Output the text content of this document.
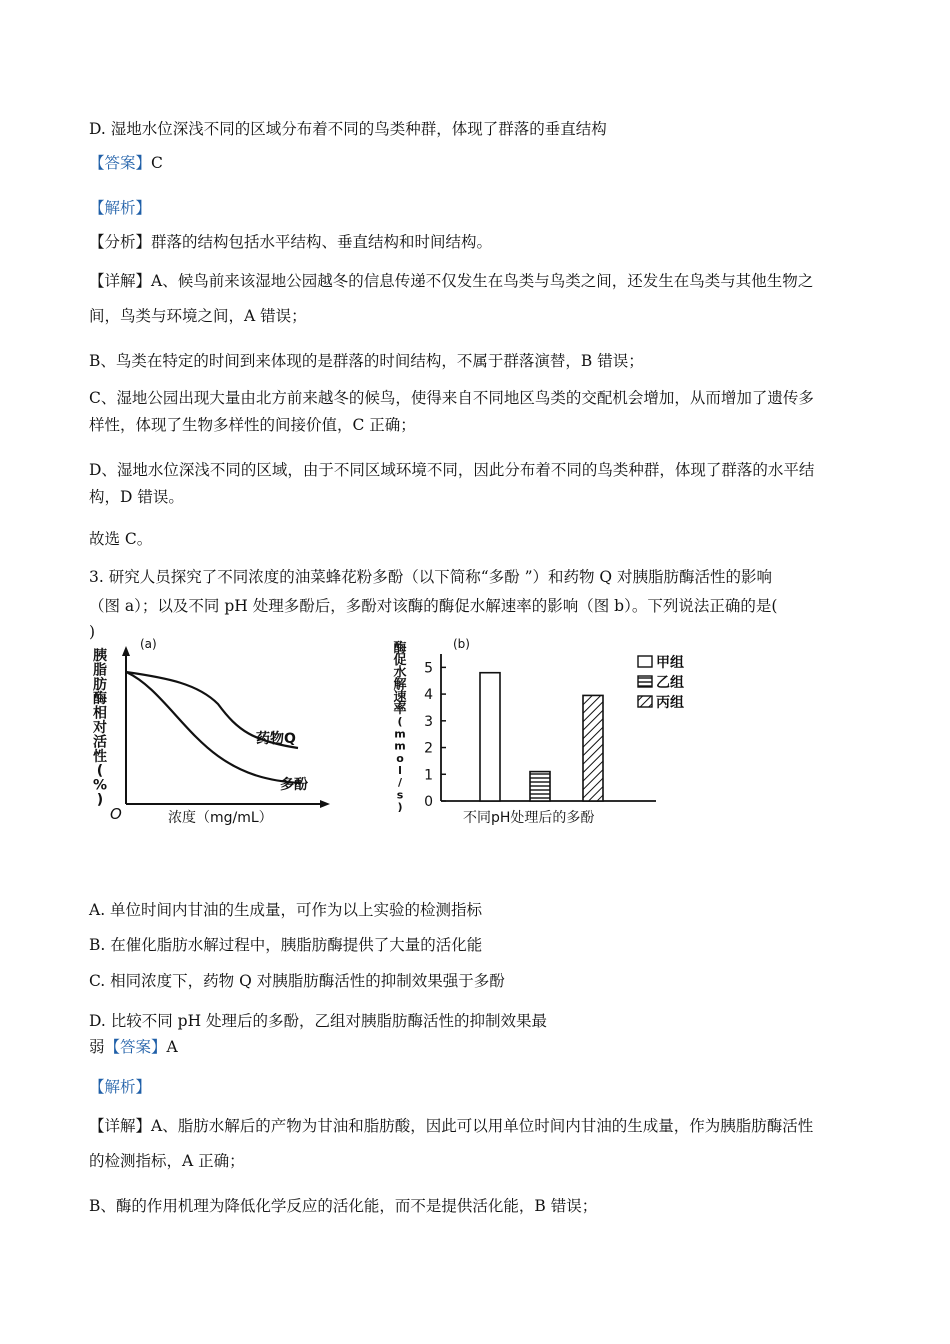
D. 湿地水位深浅不同的区域分布着不同的鸟类种群，体现了群落的垂直结构
【答案】C
【解析】
【分析】群落的结构包括水平结构、垂直结构和时间结构。
【详解】A、候鸟前来该湿地公园越冬的信息传递不仅发生在鸟类与鸟类之间，还发生在鸟类与其他生物之
间，鸟类与环境之间，A 错误；
B、鸟类在特定的时间到来体现的是群落的时间结构，不属于群落演替，B 错误；
C、湿地公园出现大量由北方前来越冬的候鸟，使得来自不同地区鸟类的交配机会增加，从而增加了遗传多
样性，体现了生物多样性的间接价值，C 正确；
D、湿地水位深浅不同的区域，由于不同区域环境不同，因此分布着不同的鸟类种群，体现了群落的水平结
构，D 错误。
故选 C。
3. 研究人员探究了不同浓度的油菜蜂花粉多酚（以下简称“多酚 ”）和药物 Q 对胰脂肪酶活性的影响
（图 a）；以及不同 pH 处理多酚后，多酚对该酶的酶促水解速率的影响（图 b）。下列说法正确的是(
)
(a)
胰
脂
肪
酶
相
对
活
性
(
%
)
O	浓度（mg/mL）
药物Q
多酚
(b)
酶
促
水
解
速
率
(
m
m
o
l
/
s
) 0
1
2
3
4
5	甲组
乙组
丙组
不同pH处理后的多酚
A. 单位时间内甘油的生成量，可作为以上实验的检测指标
B. 在催化脂肪水解过程中，胰脂肪酶提供了大量的活化能
C. 相同浓度下，药物 Q 对胰脂肪酶活性的抑制效果强于多酚
D. 比较不同 pH 处理后的多酚，乙组对胰脂肪酶活性的抑制效果最
弱【答案】A
【解析】
【详解】A、脂肪水解后的产物为甘油和脂肪酸，因此可以用单位时间内甘油的生成量，作为胰脂肪酶活性
的检测指标，A 正确；
B、酶的作用机理为降低化学反应的活化能，而不是提供活化能，B 错误；
